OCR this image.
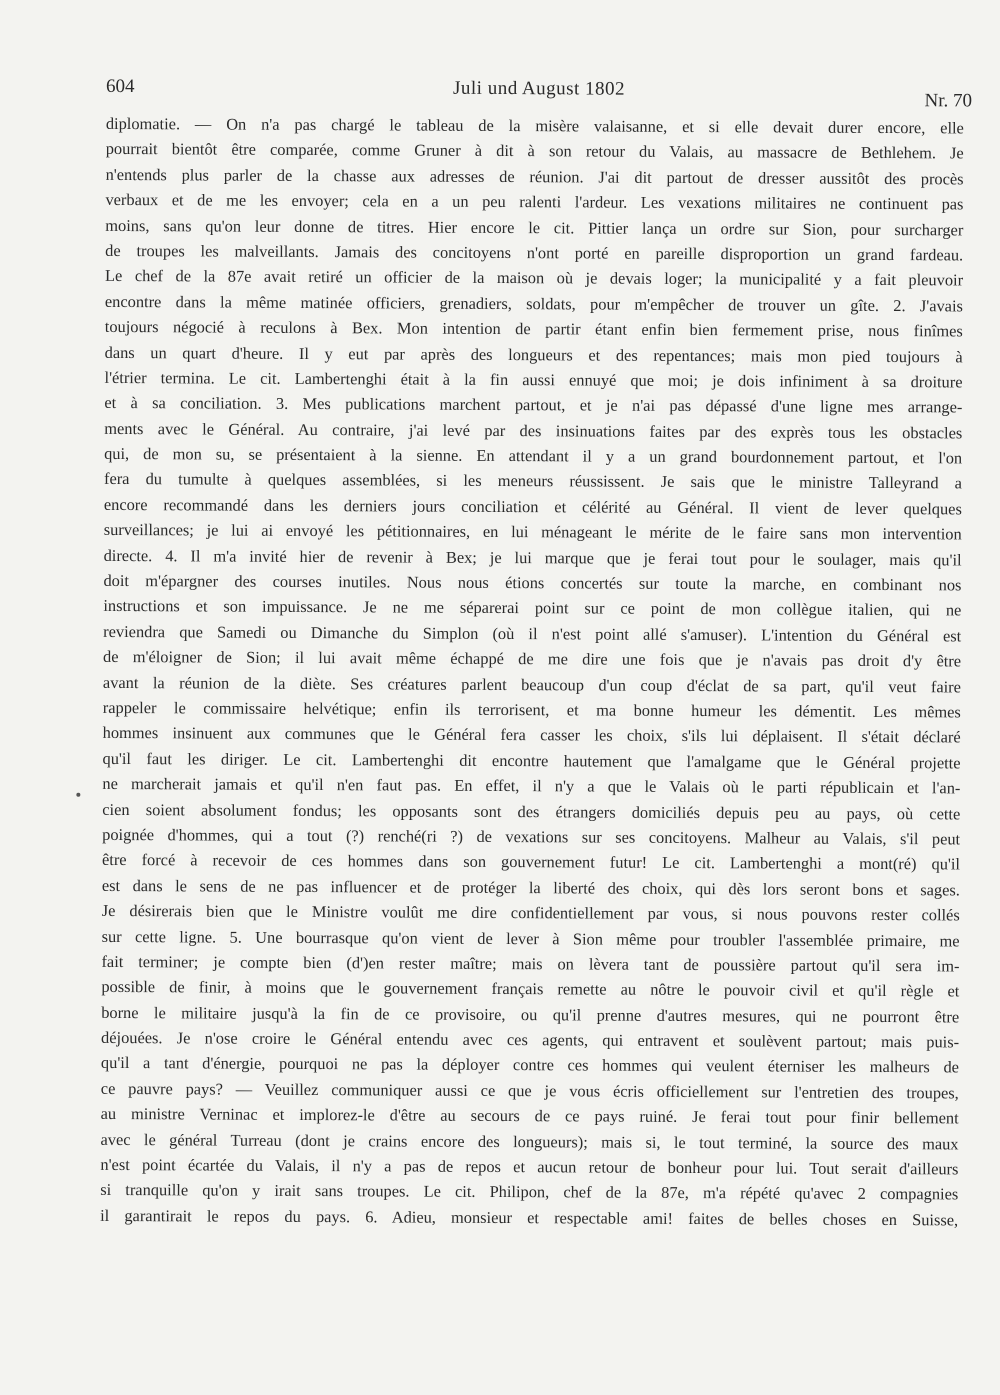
604	Juli und August 1802
Nr. 70
diplomatie. — On n'a pas chargé le tableau de la misère valaisanne, et si elle devait durer encore, elle
pourrait bientôt être comparée, comme Gruner à dit à son retour du Valais, au massacre de Bethlehem. Je
n'entends plus parler de la chasse aux adresses de réunion. J'ai dit partout de dresser aussitôt des procès
verbaux et de me les envoyer; cela en a un peu ralenti l'ardeur. Les vexations militaires ne continuent pas
moins, sans qu'on leur donne de titres. Hier encore le cit. Pittier lança un ordre sur Sion, pour surcharger
de troupes les malveillants. Jamais des concitoyens n'ont porté en pareille disproportion un grand fardeau.
Le chef de la 87e avait retiré un officier de la maison où je devais loger; la municipalité y a fait pleuvoir
encontre dans la même matinée officiers, grenadiers, soldats, pour m'empêcher de trouver un gîte. 2. J'avais
toujours négocié à reculons à Bex. Mon intention de partir étant enfin bien fermement prise, nous finîmes
dans un quart d'heure. Il y eut par après des longueurs et des repentances; mais mon pied toujours à
l'étrier termina. Le cit. Lambertenghi était à la fin aussi ennuyé que moi; je dois infiniment à sa droiture
et à sa conciliation. 3. Mes publications marchent partout, et je n'ai pas dépassé d'une ligne mes arrange-
ments avec le Général. Au contraire, j'ai levé par des insinuations faites par des exprès tous les obstacles
qui, de mon su, se présentaient à la sienne. En attendant il y a un grand bourdonnement partout, et l'on
fera du tumulte à quelques assemblées, si les meneurs réussissent. Je sais que le ministre Talleyrand a
encore recommandé dans les derniers jours conciliation et célérité au Général. Il vient de lever quelques
surveillances; je lui ai envoyé les pétitionnaires, en lui ménageant le mérite de le faire sans mon intervention
directe. 4. Il m'a invité hier de revenir à Bex; je lui marque que je ferai tout pour le soulager, mais qu'il
doit m'épargner des courses inutiles. Nous nous étions concertés sur toute la marche, en combinant nos
instructions et son impuissance. Je ne me séparerai point sur ce point de mon collègue italien, qui ne
reviendra que Samedi ou Dimanche du Simplon (où il n'est point allé s'amuser). L'intention du Général est
de m'éloigner de Sion; il lui avait même échappé de me dire une fois que je n'avais pas droit d'y être
avant la réunion de la diète. Ses créatures parlent beaucoup d'un coup d'éclat de sa part, qu'il veut faire
rappeler le commissaire helvétique; enfin ils terrorisent, et ma bonne humeur les démentit. Les mêmes
hommes insinuent aux communes que le Général fera casser les choix, s'ils lui déplaisent. Il s'était déclaré
qu'il faut les diriger. Le cit. Lambertenghi dit encontre hautement que l'amalgame que le Général projette
ne marcherait jamais et qu'il n'en faut pas. En effet, il n'y a que le Valais où le parti républicain et l'an-
cien soient absolument fondus; les opposants sont des étrangers domiciliés depuis peu au pays, où cette
poignée d'hommes, qui a tout (?) renché(ri ?) de vexations sur ses concitoyens. Malheur au Valais, s'il peut
être forcé à recevoir de ces hommes dans son gouvernement futur! Le cit. Lambertenghi a mont(ré) qu'il
est dans le sens de ne pas influencer et de protéger la liberté des choix, qui dès lors seront bons et sages.
Je désirerais bien que le Ministre voulût me dire confidentiellement par vous, si nous pouvons rester collés
sur cette ligne. 5. Une bourrasque qu'on vient de lever à Sion même pour troubler l'assemblée primaire, me
fait terminer; je compte bien (d')en rester maître; mais on lèvera tant de poussière partout qu'il sera im-
possible de finir, à moins que le gouvernement français remette au nôtre le pouvoir civil et qu'il règle et
borne le militaire jusqu'à la fin de ce provisoire, ou qu'il prenne d'autres mesures, qui ne pourront être
déjouées. Je n'ose croire le Général entendu avec ces agents, qui entravent et soulèvent partout; mais puis-
qu'il a tant d'énergie, pourquoi ne pas la déployer contre ces hommes qui veulent éterniser les malheurs de
ce pauvre pays? — Veuillez communiquer aussi ce que je vous écris officiellement sur l'entretien des troupes,
au ministre Verninac et implorez-le d'être au secours de ce pays ruiné. Je ferai tout pour finir bellement
avec le général Turreau (dont je crains encore des longueurs); mais si, le tout terminé, la source des maux
n'est point écartée du Valais, il n'y a pas de repos et aucun retour de bonheur pour lui. Tout serait d'ailleurs
si tranquille qu'on y irait sans troupes. Le cit. Philipon, chef de la 87e, m'a répété qu'avec 2 compagnies
il garantirait le repos du pays. 6. Adieu, monsieur et respectable ami! faites de belles choses en Suisse,
